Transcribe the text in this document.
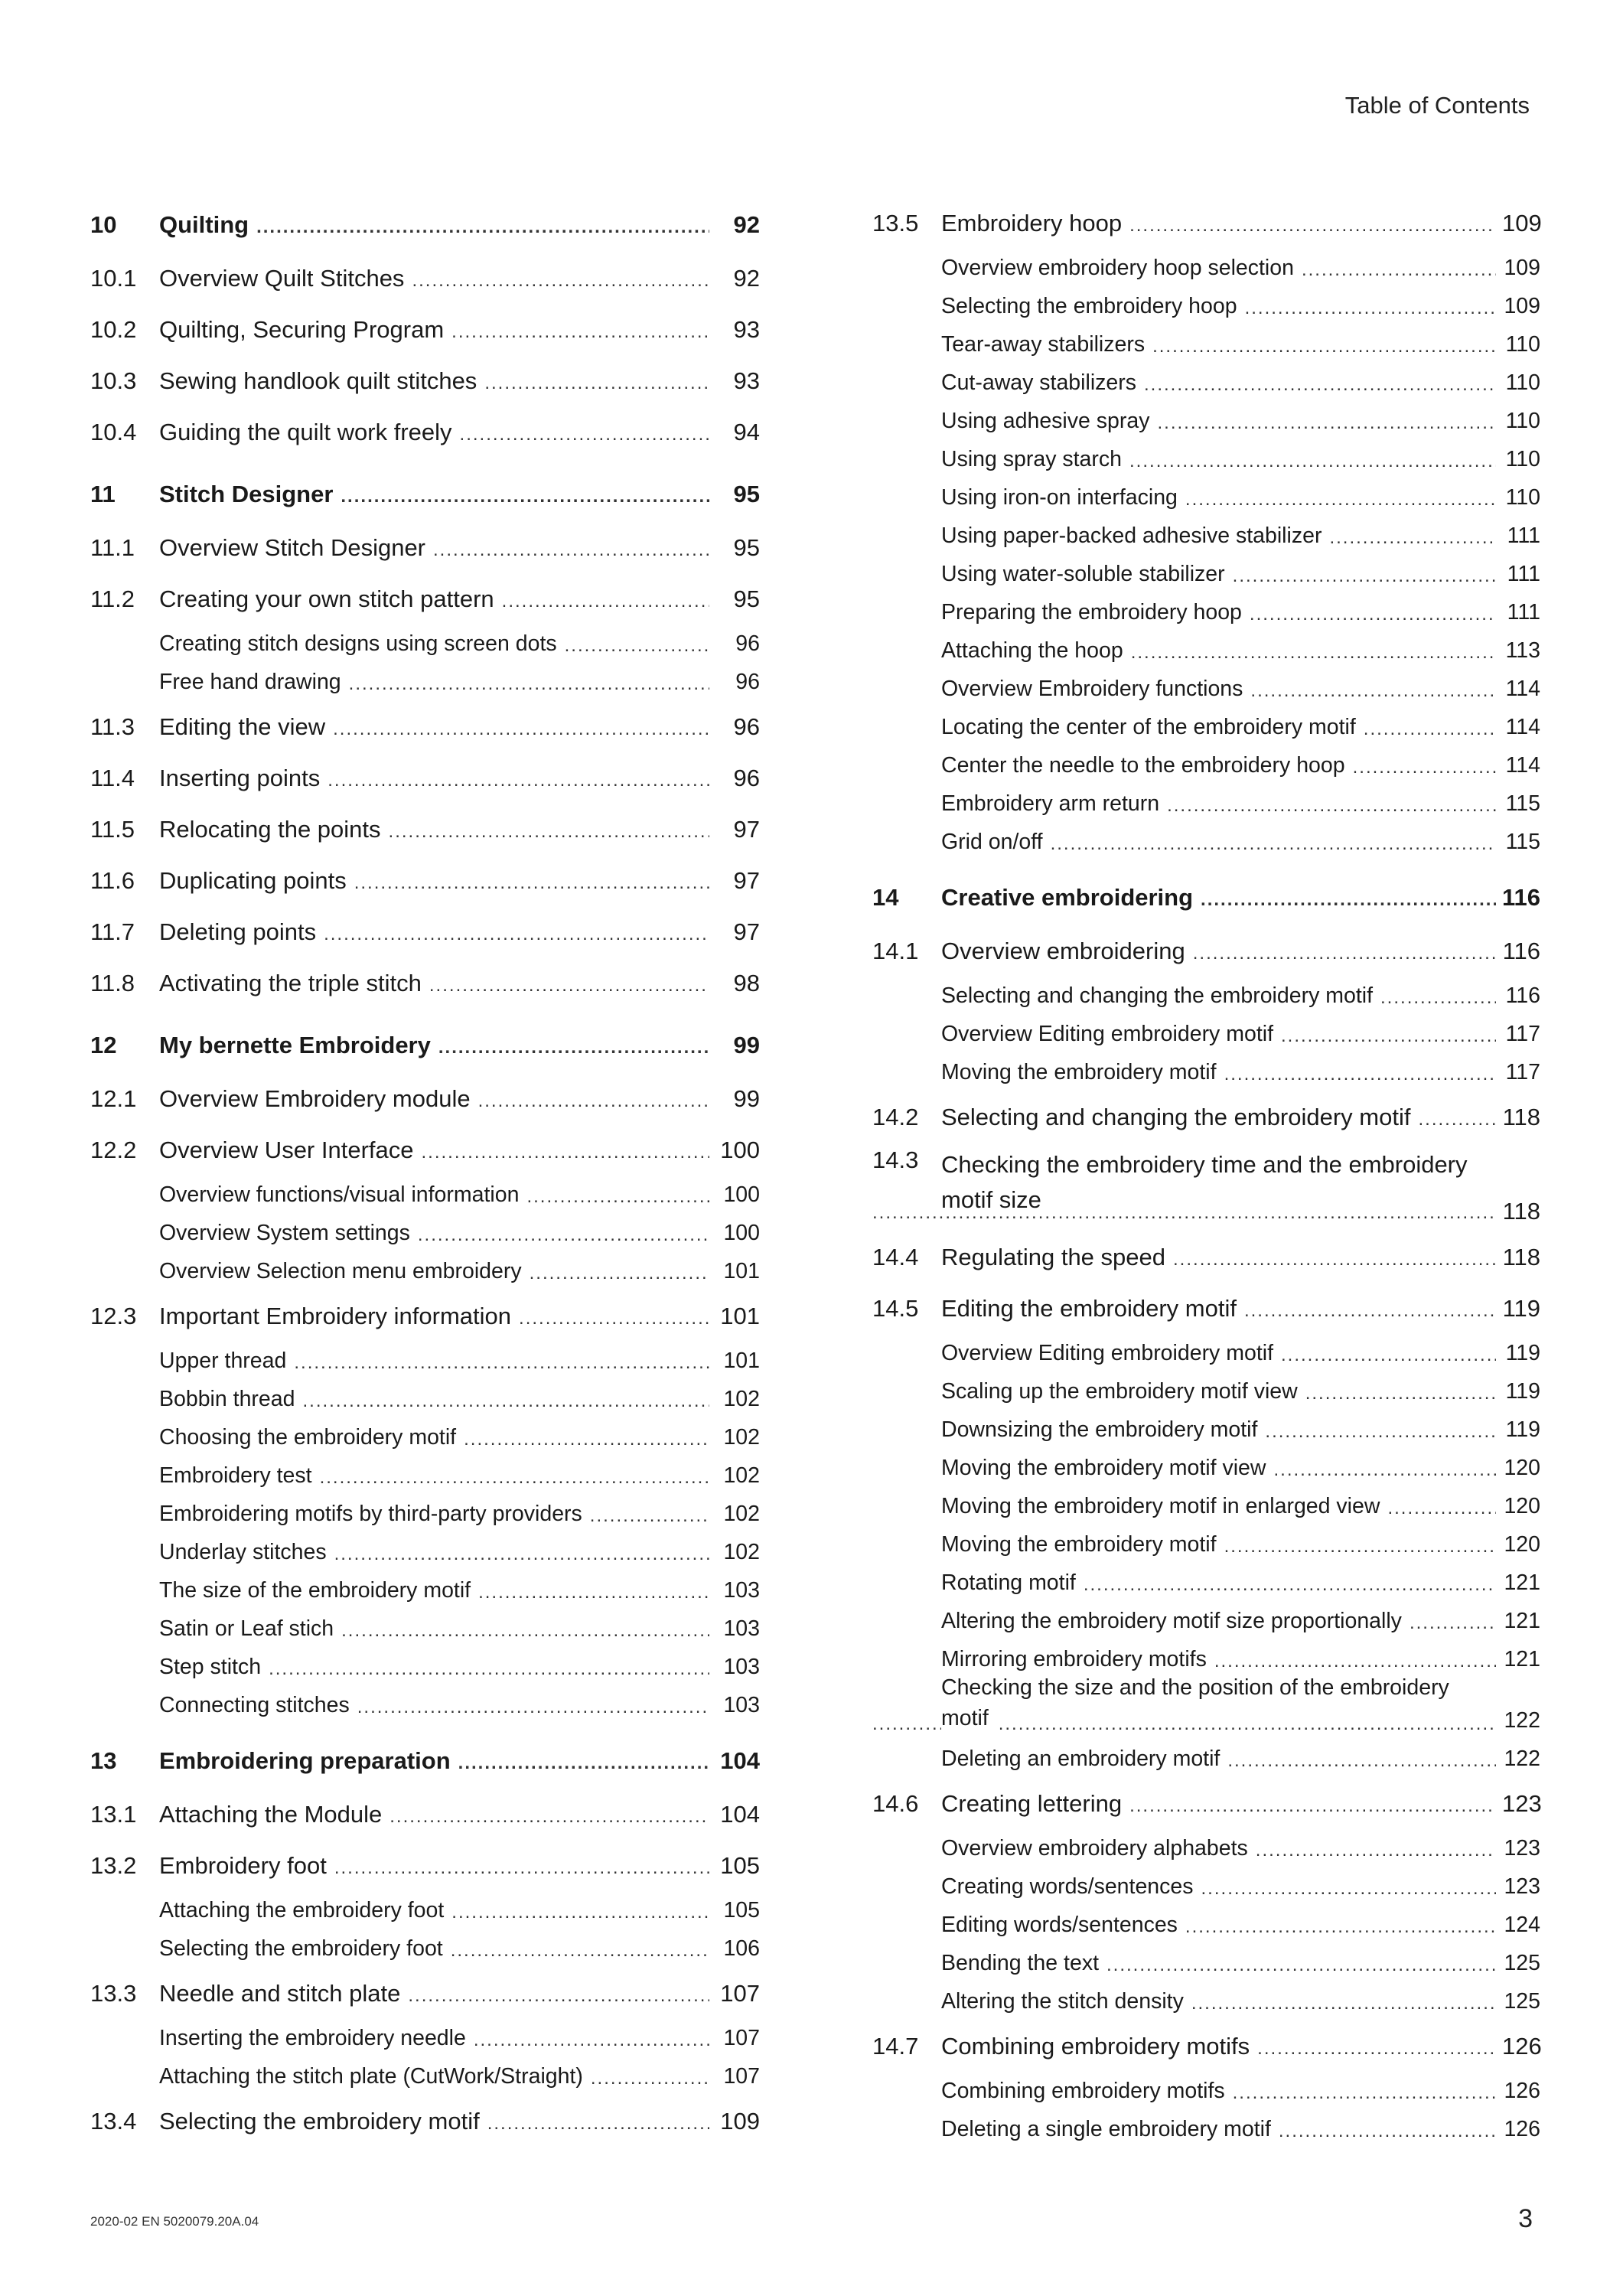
Table of Contents
10	Quilting .....	92
10.1 Overview Quilt Stitches .....	92
10.2 Quilting, Securing Program .....	93
10.3 Sewing handlook quilt stitches .....	93
10.4 Guiding the quilt work freely .....	94
11	Stitch Designer .....	95
11.1	Overview Stitch Designer .....	95
11.2	Creating your own stitch pattern .....	95
Creating stitch designs using screen dots .....	96
Free hand drawing .....	96
11.3	Editing the view .....	96
11.4	Inserting points .....	96
11.5	Relocating the points .....	97
11.6	Duplicating points .....	97
11.7	Deleting points .....	97
11.8	Activating the triple stitch .....	98
12	My bernette Embroidery .....	99
12.1 Overview Embroidery module .....	99
12.2 Overview User Interface .....	100
Overview functions/visual information .....	100
Overview System settings .....	100
Overview Selection menu embroidery .....	101
12.3 Important Embroidery information .....	101
Upper thread .....	101
Bobbin thread .....	102
Choosing the embroidery motif .....	102
Embroidery test .....	102
Embroidering motifs by third-party providers .....	102
Underlay stitches .....	102
The size of the embroidery motif .....	103
Satin or Leaf stich .....	103
Step stitch .....	103
Connecting stitches .....	103
13	Embroidering preparation .....	104
13.1 Attaching the Module .....	104
13.2 Embroidery foot .....	105
Attaching the embroidery foot .....	105
Selecting the embroidery foot .....	106
13.3 Needle and stitch plate .....	107
Inserting the embroidery needle .....	107
Attaching the stitch plate (CutWork/Straight) .....	107
13.4 Selecting the embroidery motif .....	109
13.5 Embroidery hoop .....	109
Overview embroidery hoop selection .....	109
Selecting the embroidery hoop .....	109
Tear-away stabilizers .....	110
Cut-away stabilizers .....	110
Using adhesive spray .....	110
Using spray starch .....	110
Using iron-on interfacing .....	110
Using paper-backed adhesive stabilizer .....	111
Using water-soluble stabilizer .....	111
Preparing the embroidery hoop .....	111
Attaching the hoop .....	113
Overview Embroidery functions .....	114
Locating the center of the embroidery motif .....	114
Center the needle to the embroidery hoop .....	114
Embroidery arm return .....	115
Grid on/off .....	115
14	Creative embroidering .....	116
14.1 Overview embroidering .....	116
Selecting and changing the embroidery motif .....	116
Overview Editing embroidery motif .....	117
Moving the embroidery motif .....	117
14.2 Selecting and changing the embroidery motif .....	118
.....
14.3 Checking the embroidery time and the embroidery
motif size	118
14.4 Regulating the speed .....	118
14.5 Editing the embroidery motif .....	119
Overview Editing embroidery motif .....	119
Scaling up the embroidery motif view .....	119
Downsizing the embroidery motif .....	119
Moving the embroidery motif view .....	120
Moving the embroidery motif in enlarged view .....	120
Moving the embroidery motif .....	120
Rotating motif .....	121
Altering the embroidery motif size proportionally .....	121
Mirroring embroidery motifs .....	121
.....
Checking the size and the position of the embroidery
motif	122
Deleting an embroidery motif .....	122
14.6 Creating lettering .....	123
Overview embroidery alphabets .....	123
Creating words/sentences .....	123
Editing words/sentences .....	124
Bending the text .....	125
Altering the stitch density .....	125
14.7 Combining embroidery motifs .....	126
Combining embroidery motifs .....	126
Deleting a single embroidery motif .....	126
2020-02 EN 5020079.20A.04	3
